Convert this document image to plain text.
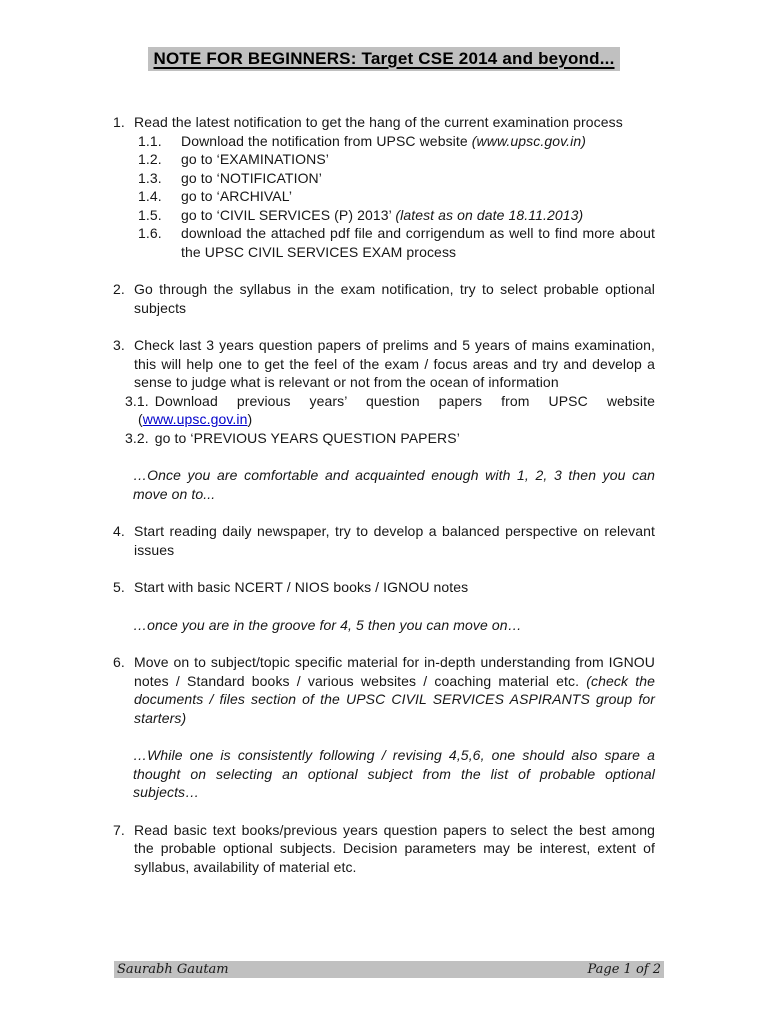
NOTE FOR BEGINNERS: Target CSE 2014 and beyond...
1. Read the latest notification to get the hang of the current examination process
1.1.	Download the notification from UPSC website (www.upsc.gov.in)
1.2.	go to ‘EXAMINATIONS’
1.3.	go to ‘NOTIFICATION’
1.4.	go to ‘ARCHIVAL’
1.5.	go to ‘CIVIL SERVICES (P) 2013’ (latest as on date 18.11.2013)
1.6.	download the attached pdf file and corrigendum as well to find more about the UPSC CIVIL SERVICES EXAM process
2. Go through the syllabus in the exam notification, try to select probable optional subjects
3. Check last 3 years question papers of prelims and 5 years of mains examination, this will help one to get the feel of the exam / focus areas and try and develop a sense to judge what is relevant or not from the ocean of information

3.1. Download previous years’ question papers from UPSC website (www.upsc.gov.in)

3.2. go to ‘PREVIOUS YEARS QUESTION PAPERS’

…Once you are comfortable and acquainted enough with 1, 2, 3 then you can move on to...

4. Start reading daily newspaper, try to develop a balanced perspective on relevant issues
5. Start with basic NCERT / NIOS books / IGNOU notes

…once you are in the groove for 4, 5 then you can move on…

6. Move on to subject/topic specific material for in-depth understanding from IGNOU notes / Standard books / various websites / coaching material etc. (check the documents / files section of the UPSC CIVIL SERVICES ASPIRANTS group for starters)

…While one is consistently following / revising 4,5,6, one should also spare a thought on selecting an optional subject from the list of probable optional subjects…

7. Read basic text books/previous years question papers to select the best among the probable optional subjects. Decision parameters may be interest, extent of syllabus, availability of material etc.
Saurabh Gautam	Page 1 of 2
